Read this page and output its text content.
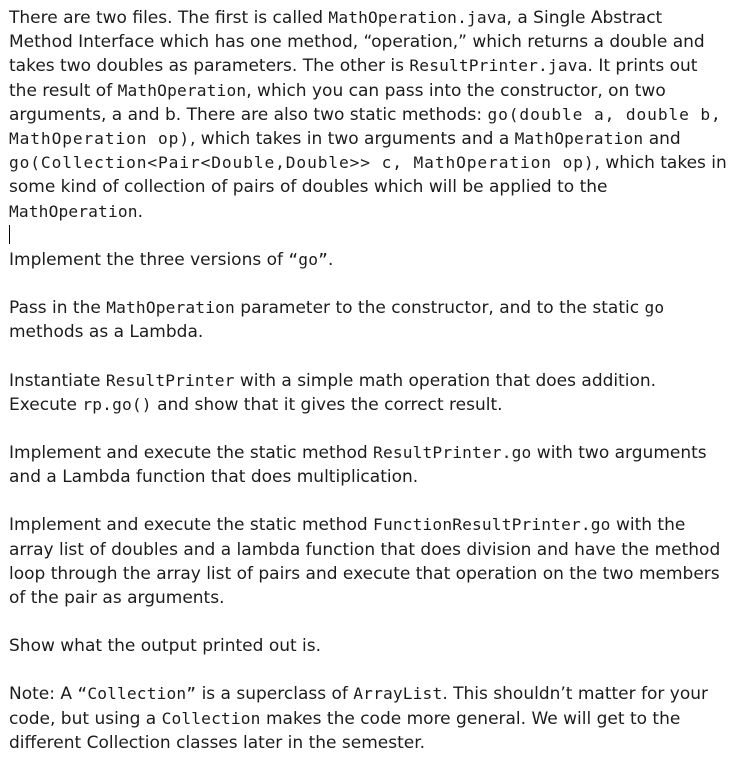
There are two files. The first is called MathOperation.java, a Single Abstract Method Interface which has one method, “operation,” which returns a double and takes two doubles as parameters. The other is ResultPrinter.java. It prints out the result of MathOperation, which you can pass into the constructor, on two arguments, a and b. There are also two static methods: go(double a, double b, MathOperation op), which takes in two arguments and a MathOperation and go(Collection<Pair<Double,Double>> c, MathOperation op), which takes in some kind of collection of pairs of doubles which will be applied to the MathOperation.

Implement the three versions of “go”.

Pass in the MathOperation parameter to the constructor, and to the static go methods as a Lambda.

Instantiate ResultPrinter with a simple math operation that does addition. Execute rp.go() and show that it gives the correct result.

Implement and execute the static method ResultPrinter.go with two arguments and a Lambda function that does multiplication.

Implement and execute the static method FunctionResultPrinter.go with the array list of doubles and a lambda function that does division and have the method loop through the array list of pairs and execute that operation on the two members of the pair as arguments.

Show what the output printed out is.

Note: A “Collection” is a superclass of ArrayList. This shouldn’t matter for your code, but using a Collection makes the code more general. We will get to the different Collection classes later in the semester.
